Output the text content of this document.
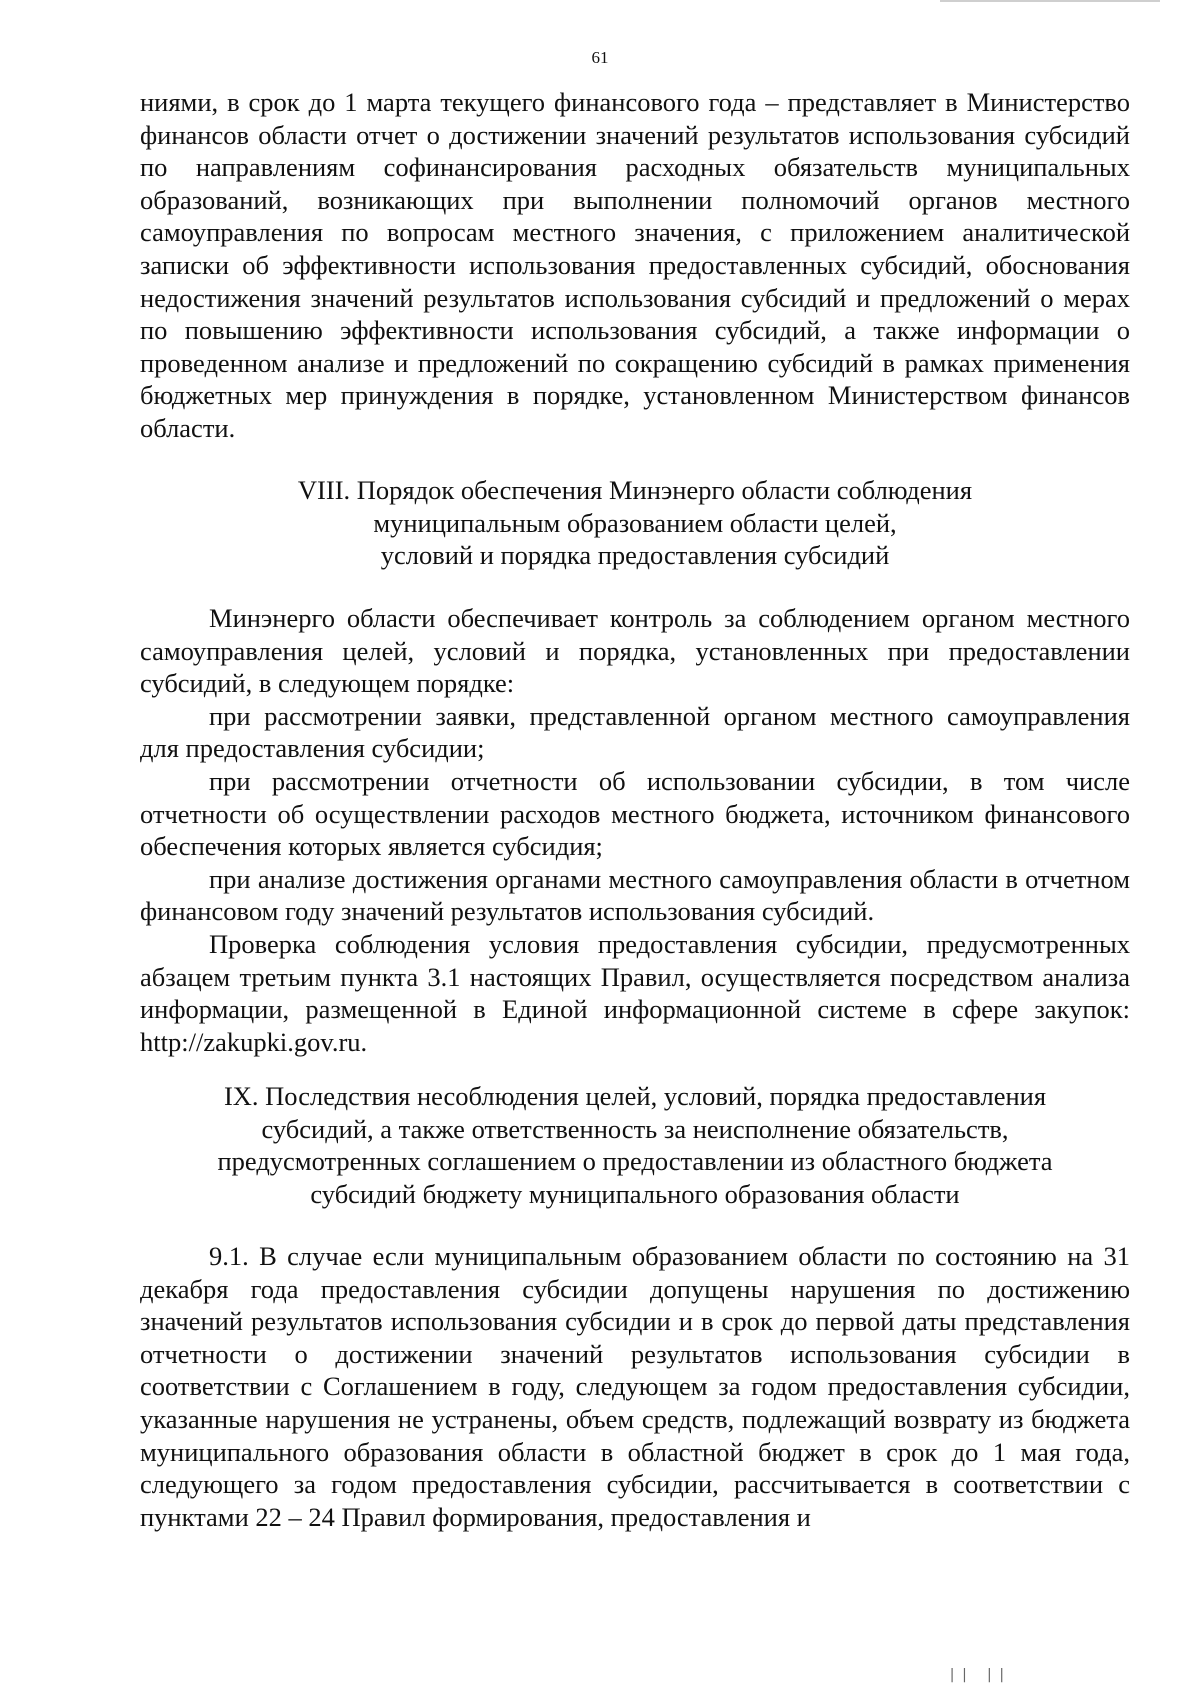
61

ниями, в срок до 1 марта текущего финансового года – представляет в Министерство финансов области отчет о достижении значений результатов использования субсидий по направлениям софинансирования расходных обязательств муниципальных образований, возникающих при выполнении полномочий органов местного самоуправления по вопросам местного значения, с приложением аналитической записки об эффективности использования предоставленных субсидий, обоснования недостижения значений результатов использования субсидий и предложений о мерах по повышению эффективности использования субсидий, а также информации о проведенном анализе и предложений по сокращению субсидий в рамках применения бюджетных мер принуждения в порядке, установленном Министерством финансов области.

VIII. Порядок обеспечения Минэнерго области соблюдения
муниципальным образованием области целей,
условий и порядка предоставления субсидий

Минэнерго области обеспечивает контроль за соблюдением органом местного самоуправления целей, условий и порядка, установленных при предоставлении субсидий, в следующем порядке:

при рассмотрении заявки, представленной органом местного самоуправления для предоставления субсидии;

при рассмотрении отчетности об использовании субсидии, в том числе отчетности об осуществлении расходов местного бюджета, источником финансового обеспечения которых является субсидия;

при анализе достижения органами местного самоуправления области в отчетном финансовом году значений результатов использования субсидий.

Проверка соблюдения условия предоставления субсидии, предусмотренных абзацем третьим пункта 3.1 настоящих Правил, осуществляется посредством анализа информации, размещенной в Единой информационной системе в сфере закупок: http://zakupki.gov.ru.

IX. Последствия несоблюдения целей, условий, порядка предоставления
субсидий, а также ответственность за неисполнение обязательств,
предусмотренных соглашением о предоставлении из областного бюджета
субсидий бюджету муниципального образования области

9.1. В случае если муниципальным образованием области по состоянию на 31 декабря года предоставления субсидии допущены нарушения по достижению значений результатов использования субсидии и в срок до первой даты представления отчетности о достижении значений результатов использования субсидии в соответствии с Соглашением в году, следующем за годом предоставления субсидии, указанные нарушения не устранены, объем средств, подлежащий возврату из бюджета муниципального образования области в областной бюджет в срок до 1 мая года, следующего за годом предоставления субсидии, рассчитывается в соответствии с пунктами 22 – 24 Правил формирования, предоставления и

|| ||
